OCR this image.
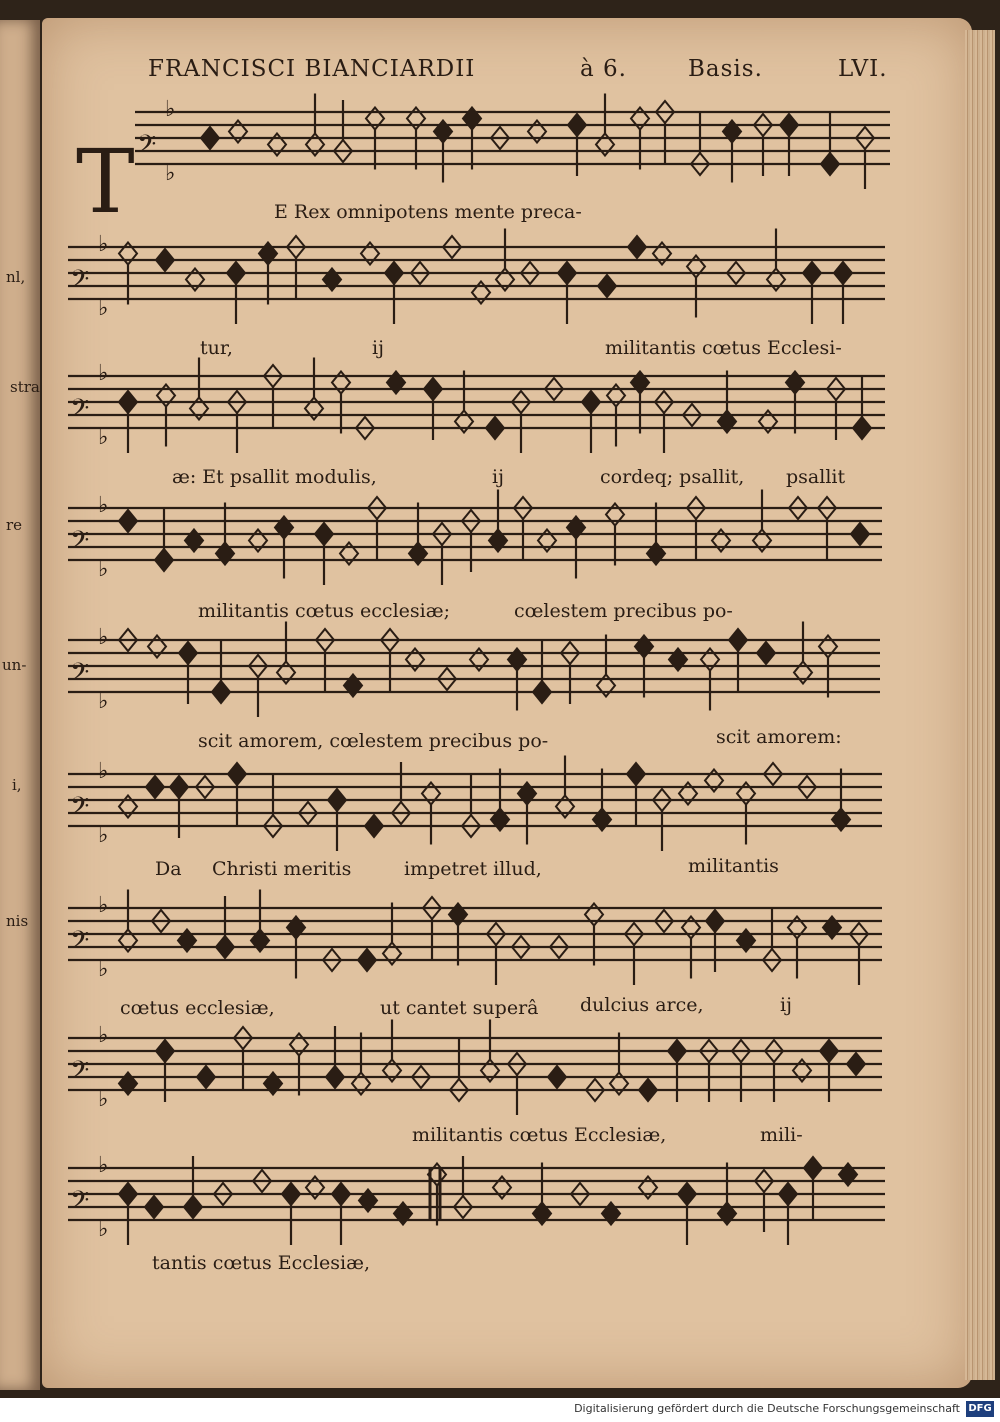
nl,
stra
re
un-
i,
nis
FRANCISCI BIANCIARDII	à 6.	Basis.	LVI.
T 𝄢
♭
♭
𝄢
♭
♭
𝄢
♭
♭
𝄢
♭
♭
𝄢
♭
♭
𝄢
♭
♭
𝄢
♭
♭
𝄢
♭
♭
𝄢
♭
♭
E Rex omnipotens mente preca-
tur,	ij	militantis cœtus Ecclesi-
æ: Et psallit modulis,	ij	cordeq; psallit, psallit
militantis cœtus ecclesiæ;	cœlestem precibus po-
scit amorem, cœlestem precibus po-	scit amorem:
Da Christi meritis	impetret illud,	militantis
cœtus ecclesiæ,	ut cantet superâ dulcius arce,	ij
militantis cœtus Ecclesiæ,	mili-
tantis cœtus Ecclesiæ,
Digitalisierung gefördert durch die Deutsche Forschungsgemeinschaft DFG
